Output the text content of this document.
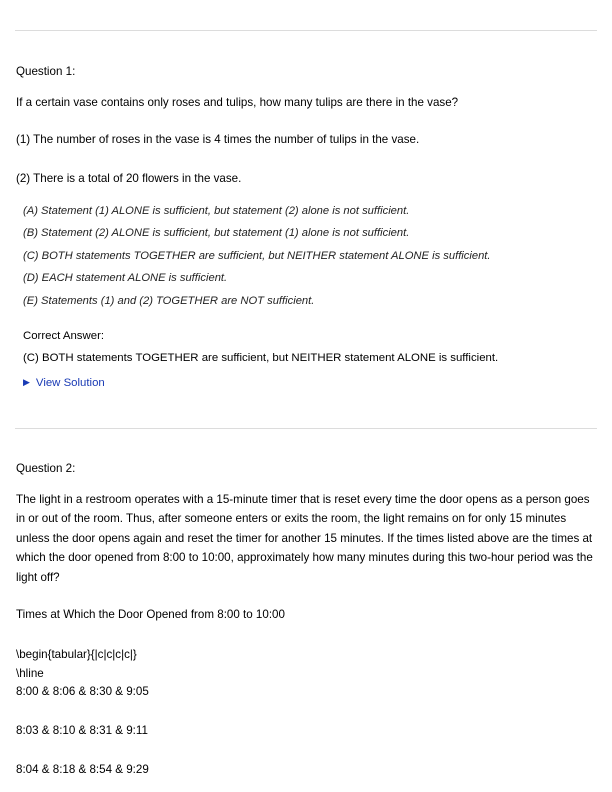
Question 1:
If a certain vase contains only roses and tulips, how many tulips are there in the vase?
(1) The number of roses in the vase is 4 times the number of tulips in the vase.
(2) There is a total of 20 flowers in the vase.
(A) Statement (1) ALONE is sufficient, but statement (2) alone is not sufficient.
(B) Statement (2) ALONE is sufficient, but statement (1) alone is not sufficient.
(C) BOTH statements TOGETHER are sufficient, but NEITHER statement ALONE is sufficient.
(D) EACH statement ALONE is sufficient.
(E) Statements (1) and (2) TOGETHER are NOT sufficient.
Correct Answer:
(C) BOTH statements TOGETHER are sufficient, but NEITHER statement ALONE is sufficient.
▶ View Solution
Question 2:
The light in a restroom operates with a 15-minute timer that is reset every time the door opens as a person goes in or out of the room. Thus, after someone enters or exits the room, the light remains on for only 15 minutes unless the door opens again and reset the timer for another 15 minutes. If the times listed above are the times at which the door opened from 8:00 to 10:00, approximately how many minutes during this two-hour period was the light off?
Times at Which the Door Opened from 8:00 to 10:00
\begin{tabular}{|c|c|c|c|}
\hline
8:00 & 8:06 & 8:30 & 9:05
8:03 & 8:10 & 8:31 & 9:11
8:04 & 8:18 & 8:54 & 9:29
